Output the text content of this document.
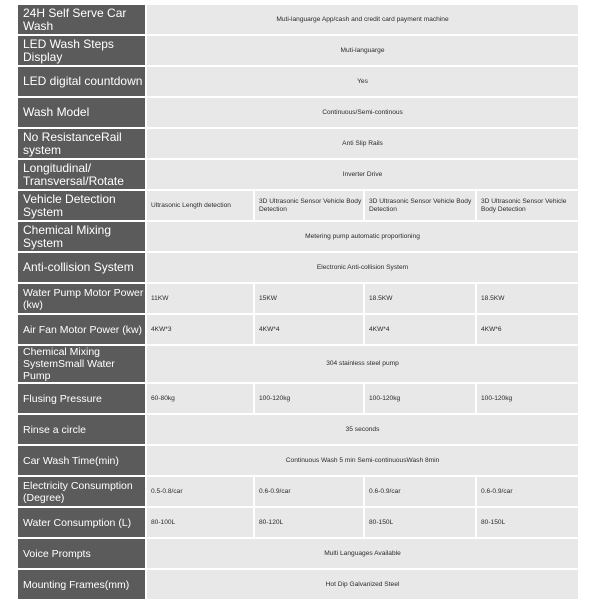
24H Self Serve Car Wash	Muti-languarge App/cash and credit card payment machine			
LED Wash Steps Display	Muti-languarge			
LED digital countdown	Yes			
Wash Model	Continuous/Semi-continous			
No ResistanceRail system	Anti Slip Rails			
Longitudinal/ Transversal/Rotate	Inverter Drive			
Vehicle Detection System	Ultrasonic Length detection	3D Ultrasonic Sensor Vehicle Body Detection	3D Ultrasonic Sensor Vehicle Body Detection	3D Ultrasonic Sensor Vehicle Body Detection
Chemical Mixing System	Metering pump automatic proportioning			
Anti-collision System	Electronic Anti-collision System			
Water Pump Motor Power (kw)	11KW	15KW	18.5KW	18.5KW
Air Fan Motor Power (kw)	4KW*3	4KW*4	4KW*4	4KW*6
Chemical Mixing SystemSmall Water Pump	304 stainless steel pump			
Flusing Pressure	60-80kg	100-120kg	100-120kg	100-120kg
Rinse a circle	35 seconds			
Car Wash Time(min)	Continuous Wash 5 min Semi-continuousWash 8min			
Electricity Consumption (Degree)	0.5-0.8/car	0.6-0.9/car	0.6-0.9/car	0.6-0.9/car
Water Consumption (L)	80-100L	80-120L	80-150L	80-150L
Voice Prompts	Multi Languages Available			
Mounting Frames(mm)	Hot Dip Galvanized Steel			
